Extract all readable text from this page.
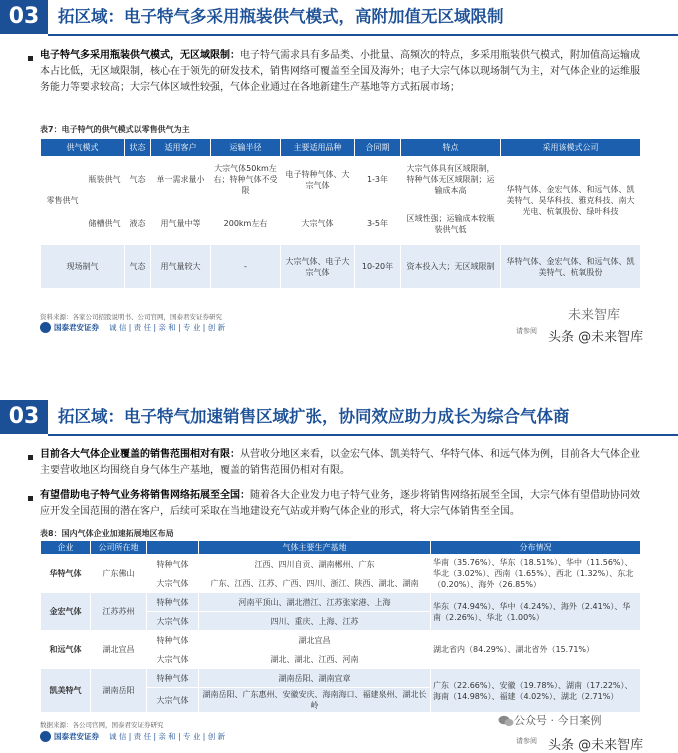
03	拓区域：电子特气多采用瓶装供气模式，高附加值无区域限制
电子特气多采用瓶装供气模式，无区域限制：电子特气需求具有多品类、小批量、高频次的特点，多采用瓶装供气模式，附加值高运输成本占比低，无区域限制，核心在于领先的研发技术，销售网络可覆盖至全国及海外；电子大宗气体以现场制气为主，对气体企业的运维服务能力等要求较高；大宗气体区域性较强，气体企业通过在各地新建生产基地等方式拓展市场；
表7：电子特气的供气模式以零售供气为主
供气模式		状态	适用客户	运输半径	主要适用品种	合同期	特点	采用该模式公司
零售供气	瓶装供气	气态	单一需求量小	大宗气体50km左右；特种气体不受限	电子特种气体、大宗气体	1-3年	大宗气体具有区域限制，特种气体无区域限制；运输成本高	华特气体、金宏气体、和远气体、凯美特气、昊华科技、雅克科技、南大光电、杭氧股份、绿叶科技
	储槽供气	液态	用气量中等	200km左右	大宗气体	3-5年	区域性强；运输成本较瓶装供气低	
现场制气		气态	用气量较大	-	大宗气体、电子大宗气体	10-20年	资本投入大；无区域限制	华特气体、金宏气体、和远气体、凯美特气、杭氧股份
资料来源：各家公司招股说明书、公司官网，国泰君安证券研究
国泰君安证券 诚 信 | 责 任 | 亲 和 | 专 业 | 创 新	请参阅
未来智库
头条 @未来智库
03	拓区域：电子特气加速销售区域扩张，协同效应助力成长为综合气体商
目前各大气体企业覆盖的销售范围相对有限：从营收分地区来看，以金宏气体、凯美特气、华特气体、和远气体为例，目前各大气体企业主要营收地区均围绕自身气体生产基地，覆盖的销售范围仍相对有限。
有望借助电子特气业务将销售网络拓展至全国：随着各大企业发力电子特气业务，逐步将销售网络拓展至全国，大宗气体有望借助协同效应开发全国范围的潜在客户，后续可采取在当地建设充气站或并购气体企业的形式，将大宗气体销售至全国。
表8：国内气体企业加速拓展地区布局
企业	公司所在地		气体主要生产基地	分布情况
华特气体	广东佛山	特种气体	江西、四川自贡、湖南郴州、广东	华南（35.76%）、华东（18.51%）、华中（11.56%）、华北（3.02%）、西南（1.65%）、西北（1.32%）、东北（0.20%）、海外（26.85%）
		大宗气体	广东、江西、江苏、广西、四川、浙江、陕西、湖北、湖南	
金宏气体	江苏苏州	特种气体	河南平顶山、湖北潜江、江苏张家港、上海	华东（74.94%）、华中（4.24%）、海外（2.41%）、华南（2.26%）、华北（1.00%）
		大宗气体	四川、重庆、上海、江苏	
和远气体	湖北宜昌	特种气体	湖北宜昌	湖北省内（84.29%）、湖北省外（15.71%）
		大宗气体	湖北、湖北、江西、河南	
凯美特气	湖南岳阳	特种气体	湖南岳阳、湖南宜章	广东（22.66%）、安徽（19.78%）、湖南（17.22%）、海南（14.98%）、福建（4.02%）、湖北（2.71%）
		大宗气体	湖南岳阳、广东惠州、安徽安庆、海南海口、福建泉州、湖北长岭	
数据来源：各公司官网，国泰君安证券研究
国泰君安证券 诚 信 | 责 任 | 亲 和 | 专 业 | 创 新	请参阅
公众号 · 今日案例
头条 @未来智库
